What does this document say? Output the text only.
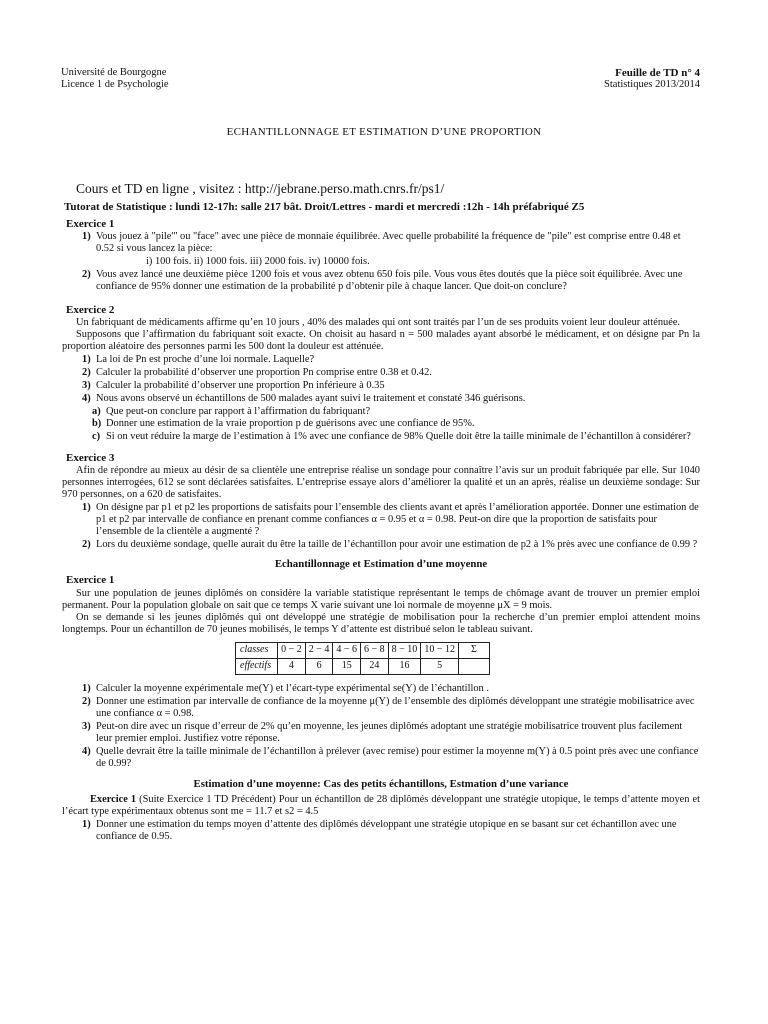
Université de Bourgogne
Licence 1 de Psychologie
Feuille de TD n° 4
Statistiques 2013/2014
ECHANTILLONNAGE ET ESTIMATION D’UNE PROPORTION
Cours et TD en ligne , visitez : http://jebrane.perso.math.cnrs.fr/ps1/
Tutorat de Statistique : lundi 12-17h: salle 217 bât. Droit/Lettres - mardi et mercredi :12h - 14h préfabriqué Z5
Exercice 1
1) Vous jouez à "pile"' ou "face" avec une pièce de monnaie équilibrée. Avec quelle probabilité la fréquence de "pile" est comprise entre 0.48 et 0.52 si vous lancez la pièce:
i) 100 fois. ii) 1000 fois. iii) 2000 fois. iv) 10000 fois.
2) Vous avez lancé une deuxième pièce 1200 fois et vous avez obtenu 650 fois pile. Vous vous êtes doutés que la pièce soit équilibrée. Avec une confiance de 95% donner une estimation de la probabilité p d’obtenir pile à chaque lancer. Que doit-on conclure?
Exercice 2

Un fabriquant de médicaments affirme qu’en 10 jours , 40% des malades qui ont sont traités par l’un de ses produits voient leur douleur atténuée.

Supposons que l’affirmation du fabriquant soit exacte. On choisit au hasard n = 500 malades ayant absorbé le médicament, et on désigne par Pn la proportion aléatoire des personnes parmi les 500 dont la douleur est atténuée.

1) La loi de Pn est proche d’une loi normale. Laquelle?
2) Calculer la probabilité d’observer une proportion Pn comprise entre 0.38 et 0.42.
3) Calculer la probabilité d’observer une proportion Pn inférieure à 0.35
4) Nous avons observé un échantillons de 500 malades ayant suivi le traitement et constaté 346 guérisons.
a) Que peut-on conclure par rapport à l’affirmation du fabriquant?
b) Donner une estimation de la vraie proportion p de guérisons avec une confiance de 95%.
c) Si on veut réduire la marge de l’estimation à 1% avec une confiance de 98% Quelle doit être la taille minimale de l’échantillon à considérer?
Exercice 3

Afin de répondre au mieux au désir de sa clientèle une entreprise réalise un sondage pour connaître l’avis sur un produit fabriquée par elle. Sur 1040 personnes interrogées, 612 se sont déclarées satisfaites. L’entreprise essaye alors d’améliorer la qualité et un an après, réalise un deuxième sondage: Sur 970 personnes, on a 620 de satisfaites.

1) On désigne par p1 et p2 les proportions de satisfaits pour l’ensemble des clients avant et après l’amélioration apportée. Donner une estimation de p1 et p2 par intervalle de confiance en prenant comme confiances α = 0.95 et α = 0.98. Peut-on dire que la proportion de satisfaits pour l’ensemble de la clientèle a augmenté ?
2) Lors du deuxième sondage, quelle aurait du être la taille de l’échantillon pour avoir une estimation de p2 à 1% près avec une confiance de 0.99 ?
Echantillonnage et Estimation d’une moyenne
Exercice 1

Sur une population de jeunes diplômés on considère la variable statistique représentant le temps de chômage avant de trouver un premier emploi permanent. Pour la population globale on sait que ce temps X varie suivant une loi normale de moyenne μX = 9 mois.

On se demande si les jeunes diplômés qui ont développé une stratégie de mobilisation pour la recherche d’un premier emploi attendent moins longtemps. Pour un échantillon de 70 jeunes mobilisés, le temps Y d’attente est distribué selon le tableau suivant.

classes	0 − 2	2 − 4	4 − 6	6 − 8	8 − 10	10 − 12	Σ
effectifs	4	6	15	24	16	5	
1) Calculer la moyenne expérimentale me(Y) et l’écart-type expérimental se(Y) de l’échantillon .
2) Donner une estimation par intervalle de confiance de la moyenne μ(Y) de l’ensemble des diplômés développant une stratégie mobilisatrice avec une confiance α = 0.98.
3) Peut-on dire avec un risque d’erreur de 2% qu’en moyenne, les jeunes diplômés adoptant une stratégie mobilisatrice trouvent plus facilement leur premier emploi. Justifiez votre réponse.
4) Quelle devrait être la taille minimale de l’échantillon à prélever (avec remise) pour estimer la moyenne m(Y) à 0.5 point près avec une confiance de 0.99?
Estimation d’une moyenne: Cas des petits échantillons, Estmation d’une variance

Exercice 1 (Suite Exercice 1 TD Précédent) Pour un échantillon de 28 diplômés développant une stratégie utopique, le temps d’attente moyen et l’écart type expérimentaux obtenus sont me = 11.7 et s2 = 4.5

1) Donner une estimation du temps moyen d’attente des diplômés développant une stratégie utopique en se basant sur cet échantillon avec une confiance de 0.95.
